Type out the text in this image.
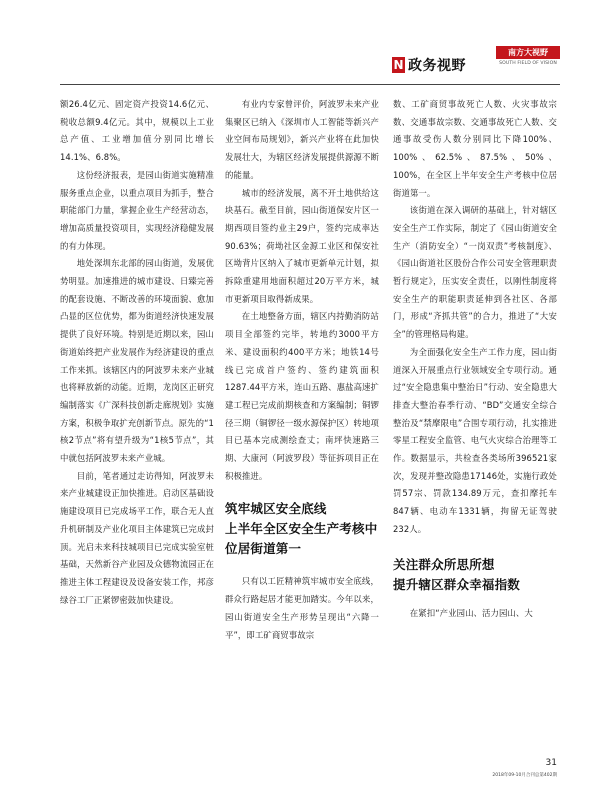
N 政务视野
南方大视野
SOUTH FIELD OF VISION

额26.4亿元、固定资产投资14.6亿元、税收总额9.4亿元。其中，规模以上工业总产值、工业增加值分别同比增长14.1%、6.8%。

这份经济报表，是园山街道实施精准服务重点企业，以重点项目为抓手，整合职能部门力量，掌握企业生产经营动态，增加高质量投资项目，实现经济稳健发展的有力体现。

地处深圳东北部的园山街道，发展优势明显。加速推进的城市建设、日臻完善的配套设施、不断改善的环境面貌、愈加凸显的区位优势，都为街道经济快速发展提供了良好环境。特别是近期以来，园山街道始终把产业发展作为经济建设的重点工作来抓。该辖区内的阿波罗未来产业城也将释放新的动能。近期，龙岗区正研究编制落实《广深科技创新走廊规划》实施方案，积极争取扩充创新节点。原先的“1核2节点”将有望升级为“1核5节点”，其中就包括阿波罗未来产业城。

目前，笔者通过走访得知，阿波罗未来产业城建设正加快推进。启动区基础设施建设项目已完成场平工作，联合无人直升机研制及产业化项目主体建筑已完成封顶。光启未来科技城项目已完成实验室桩基础，天然新谷产业园及众德物流园正在推进主体工程建设及设备安装工作，邦彦绿谷工厂正紧锣密鼓加快建设。

有业内专家曾评价，阿波罗未来产业集聚区已纳入《深圳市人工智能等新兴产业空间布局规划》，新兴产业将在此加快发展壮大，为辖区经济发展提供源源不断的能量。

城市的经济发展，离不开土地供给这块基石。截至目前，园山街道保安片区一期西项目签约业主29户，签约完成率达90.63%；荷坳社区金源工业区和保安社区坳背片区纳入了城市更新单元计划，拟拆除重建用地面积超过20万平方米，城市更新项目取得新成果。

在土地整备方面，辖区内持勤消防站项目全部签约完毕，转地约3000平方米、建设面积约400平方米；地铁14号线已完成首户签约、签约建筑面积1287.44平方米，连山五路、惠盐高速扩建工程已完成前期核查和方案编制；铜锣径三期（铜锣径一级水源保护区）转地项目已基本完成测绘查丈；南坪快速路三期、大康河（阿波罗段）等征拆项目正在积极推进。

筑牢城区安全底线

上半年全区安全生产考核中

位居街道第一

只有以工匠精神筑牢城市安全底线，群众行路起居才能更加踏实。今年以来，园山街道安全生产形势呈现出“六降一平”，即工矿商贸事故宗

数、工矿商贸事故死亡人数、火灾事故宗数、交通事故宗数、交通事故死亡人数、交通事故受伤人数分别同比下降100%、100%、62.5%、87.5%、50%、100%，在全区上半年安全生产考核中位居街道第一。

该街道在深入调研的基础上，针对辖区安全生产工作实际，制定了《园山街道安全生产（消防安全）“一岗双责”考核制度》、《园山街道社区股份合作公司安全管理职责暂行规定》，压实安全责任，以刚性制度将安全生产的职能职责延伸到各社区、各部门，形成“齐抓共管”的合力，推进了“大安全”的管理格局构建。

为全面强化安全生产工作力度，园山街道深入开展重点行业领域安全专项行动。通过“安全隐患集中整治日”行动、安全隐患大排查大整治春季行动、“BD”交通安全综合整治及“禁摩限电”合围专项行动，扎实推进零星工程安全监管、电气火灾综合治理等工作。数据显示，共检查各类场所396521家次，发现并整改隐患17146处，实施行政处罚57宗、罚款134.89万元，查扣摩托车847辆、电动车1331辆，拘留无证驾驶232人。

关注群众所思所想

提升辖区群众幸福指数

在紧扣“产业园山、活力园山、大

31
2018年09-10月合刊总第402期
